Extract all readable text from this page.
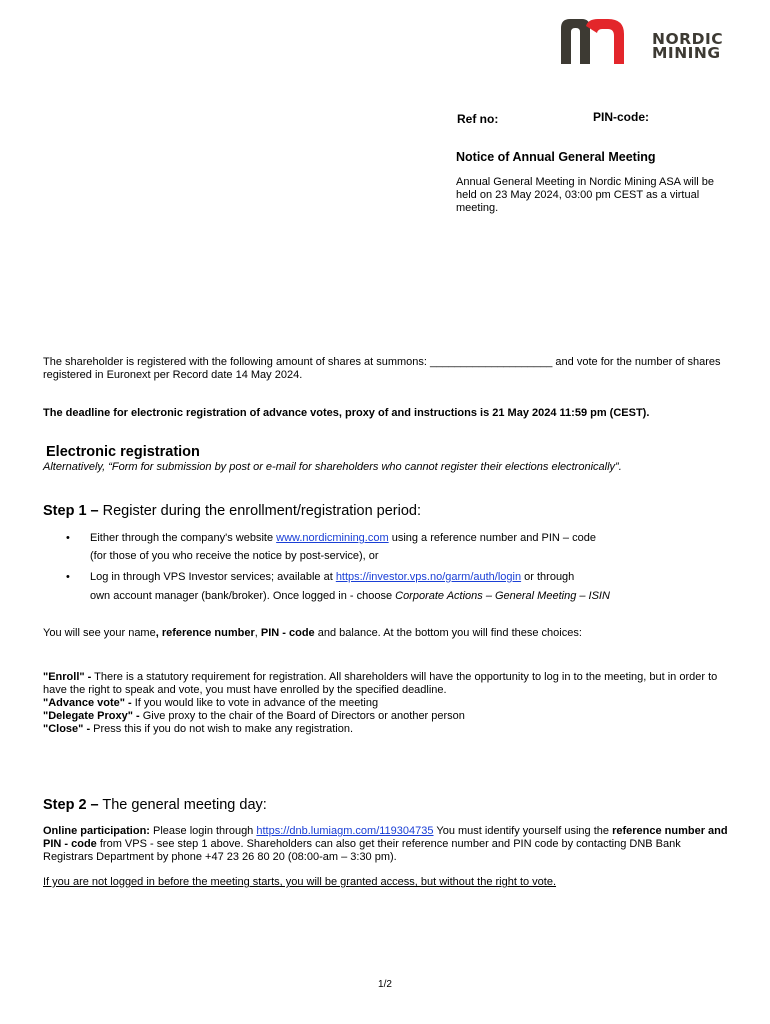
NORDIC
MINING
Ref no:	PIN-code:
Notice of Annual General Meeting
Annual General Meeting in Nordic Mining ASA will be held on 23 May 2024, 03:00 pm CEST as a virtual meeting.
The shareholder is registered with the following amount of shares at summons: ____________________ and vote for the number of shares registered in Euronext per Record date 14 May 2024.
The deadline for electronic registration of advance votes, proxy of and instructions is 21 May 2024 11:59 pm (CEST).
Electronic registration
Alternatively, “Form for submission by post or e-mail for shareholders who cannot register their elections electronically”.
Step 1 – Register during the enrollment/registration period:
• Either through the company's website www.nordicmining.com using a reference number and PIN – code
(for those of you who receive the notice by post-service), or
• Log in through VPS Investor services; available at https://investor.vps.no/garm/auth/login or through
own account manager (bank/broker). Once logged in - choose Corporate Actions – General Meeting – ISIN
You will see your name, reference number, PIN - code and balance. At the bottom you will find these choices:
"Enroll" - There is a statutory requirement for registration. All shareholders will have the opportunity to log in to the meeting, but in order to have the right to speak and vote, you must have enrolled by the specified deadline.
"Advance vote" - If you would like to vote in advance of the meeting
"Delegate Proxy" - Give proxy to the chair of the Board of Directors or another person
"Close" - Press this if you do not wish to make any registration.
Step 2 – The general meeting day:
Online participation: Please login through https://dnb.lumiagm.com/119304735 You must identify yourself using the reference number and PIN - code from VPS - see step 1 above. Shareholders can also get their reference number and PIN code by contacting DNB Bank Registrars Department by phone +47 23 26 80 20 (08:00-am – 3:30 pm).
If you are not logged in before the meeting starts, you will be granted access, but without the right to vote.
1/2
